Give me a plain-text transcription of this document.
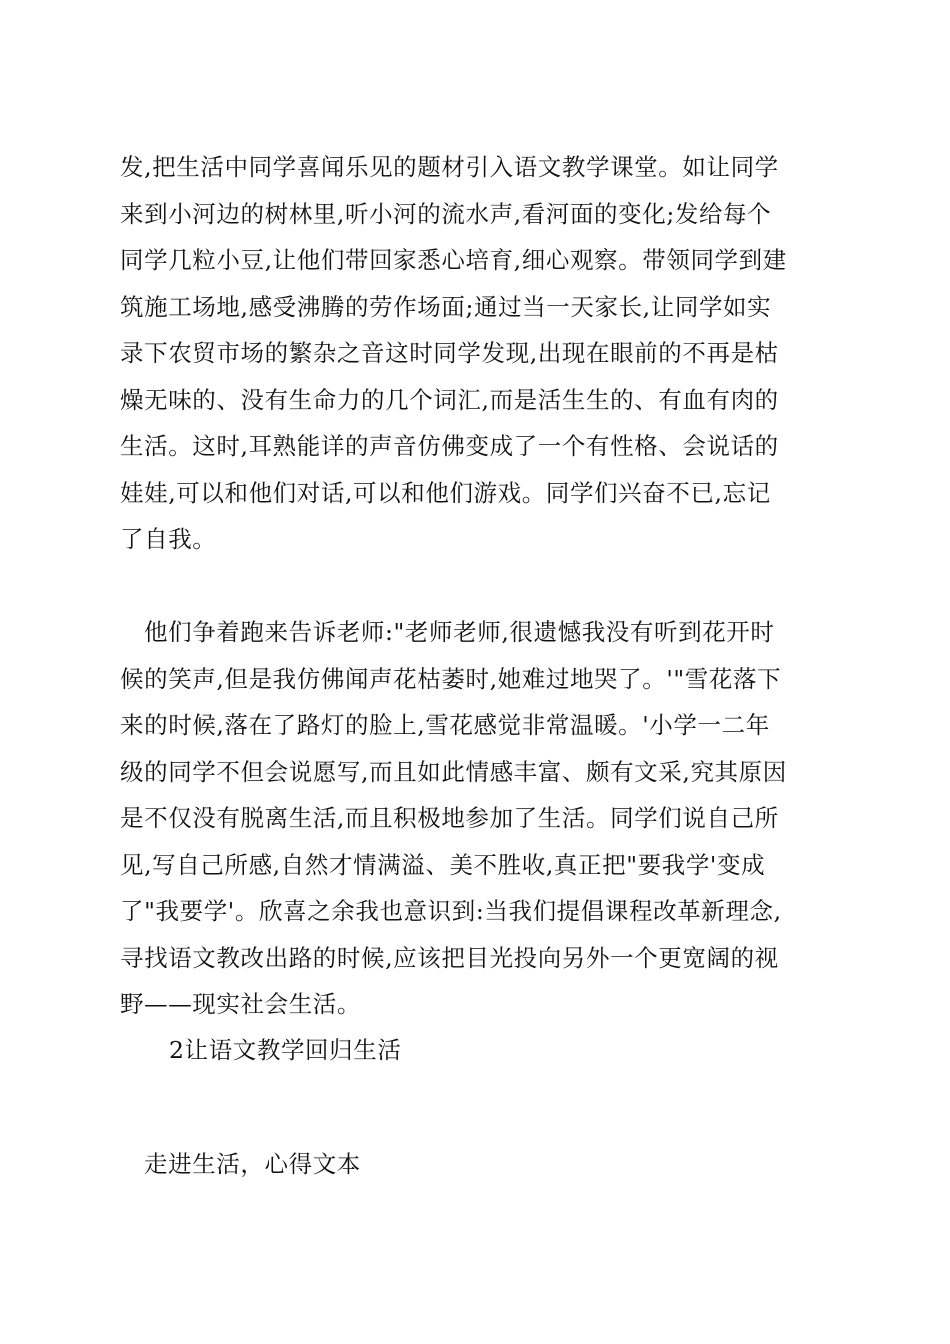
发,把生活中同学喜闻乐见的题材引入语文教学课堂。如让同学
来到小河边的树林里,听小河的流水声,看河面的变化;发给每个
同学几粒小豆,让他们带回家悉心培育,细心观察。带领同学到建
筑施工场地,感受沸腾的劳作场面;通过当一天家长,让同学如实
录下农贸市场的繁杂之音这时同学发现,出现在眼前的不再是枯
燥无味的、没有生命力的几个词汇,而是活生生的、有血有肉的
生活。这时,耳熟能详的声音仿佛变成了一个有性格、会说话的
娃娃,可以和他们对话,可以和他们游戏。同学们兴奋不已,忘记
了自我。
他们争着跑来告诉老师:"老师老师,很遗憾我没有听到花开时
候的笑声,但是我仿佛闻声花枯萎时,她难过地哭了。'"雪花落下
来的时候,落在了路灯的脸上,雪花感觉非常温暖。'小学一二年
级的同学不但会说愿写,而且如此情感丰富、颇有文采,究其原因
是不仅没有脱离生活,而且积极地参加了生活。同学们说自己所
见,写自己所感,自然才情满溢、美不胜收,真正把"要我学'变成
了"我要学'。欣喜之余我也意识到:当我们提倡课程改革新理念,
寻找语文教改出路的时候,应该把目光投向另外一个更宽阔的视
野——现实社会生活。
2让语文教学回归生活
走进生活，心得文本
